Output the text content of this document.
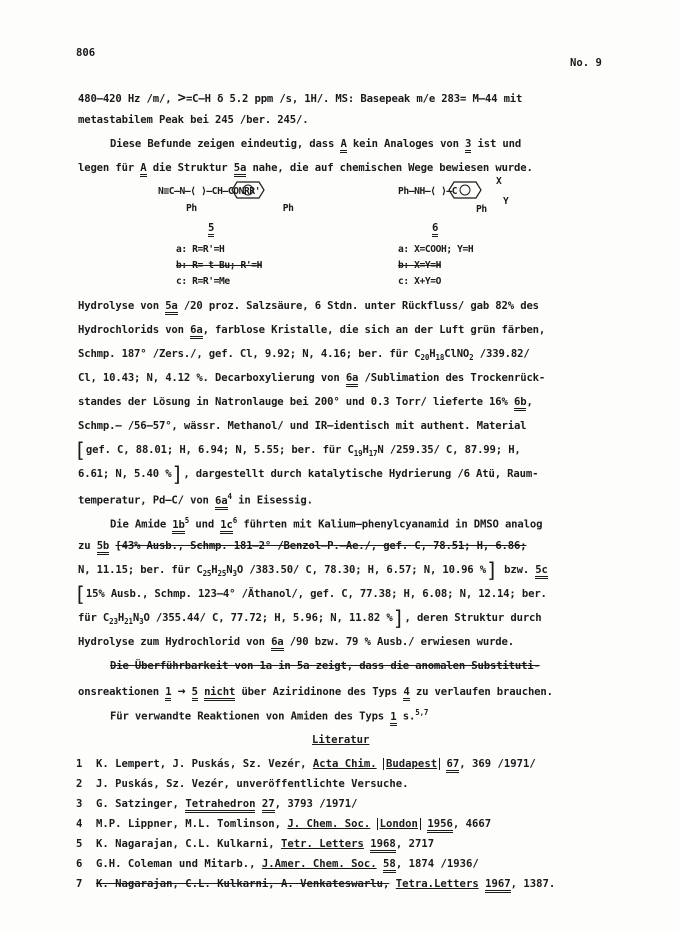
806
No. 9
480–420 Hz /m/, >=C–H δ 5.2 ppm /s, 1H/. MS: Basepeak m/e 283= M–44 mit
metastabilem Peak bei 245 /ber. 245/.
Diese Befunde zeigen eindeutig, dass A kein Analoges von 3 ist und
legen für A die Struktur 5a nahe, die auf chemischen Wege bewiesen wurde.
N≡C–N–⟨ ⟩–CH–CONRR'
Ph                Ph
5
a: R=R'=H
b: R= t–Bu; R'=H
c: R=R'=Me
X
Ph–NH–⟨ ⟩–C
Y
Ph
6
a: X=COOH; Y=H
b: X=Y=H
c: X+Y=O
Hydrolyse von 5a /20 proz. Salzsäure, 6 Stdn. unter Rückfluss/ gab 82% des
Hydrochlorids von 6a, farblose Kristalle, die sich an der Luft grün färben,
Schmp. 187° /Zers./, gef. Cl, 9.92; N, 4.16; ber. für $C_{20}H_{18}ClNO_2$ /339.82/
Cl, 10.43; N, 4.12 %. Decarboxylierung von 6a /Sublimation des Trockenrück-
standes der Lösung in Natronlauge bei 200° und 0.3 Torr/ lieferte 16% 6b,
Schmp.– /56–57°, wässr. Methanol/ und IR–identisch mit authent. Material
[gef. C, 88.01; H, 6.94; N, 5.55; ber. für $C_{19}H_{17}N$ /259.35/ C, 87.99; H,
6.61; N, 5.40 %], dargestellt durch katalytische Hydrierung /6 Atü, Raum-
temperatur, Pd–C/ von $6a^4$ in Eisessig.
Die Amide $1b^5$ und $1c^6$ führten mit Kalium–phenylcyanamid in DMSO analog
zu 5b [43% Ausb., Schmp. 181–2° /Benzol–P.–Ae./, gef. C, 78.51; H, 6.86;
N, 11.15; ber. für $C_{25}H_{25}N_3O$ /383.50/ C, 78.30; H, 6.57; N, 10.96 %] bzw. 5c
[15% Ausb., Schmp. 123–4° /Äthanol/, gef. C, 77.38; H, 6.08; N, 12.14; ber.
für $C_{23}H_{21}N_3O$ /355.44/ C, 77.72; H, 5.96; N, 11.82 %], deren Struktur durch
Hydrolyse zum Hydrochlorid von 6a /90 bzw. 79 % Ausb./ erwiesen wurde.
Die Überführbarkeit von 1a in 5a zeigt, dass die anomalen Substituti-
onsreaktionen 1 → 5 nicht über Aziridinone des Typs 4 zu verlaufen brauchen.
Für verwandte Reaktionen von Amiden des Typs 1 s.$^{5,7}$
Literatur
1 K. Lempert, J. Puskás, Sz. Vezér, Acta Chim. Budapest 67, 369 /1971/
2 J. Puskás, Sz. Vezér, unveröffentlichte Versuche.
3 G. Satzinger, Tetrahedron 27, 3793 /1971/
4 M.P. Lippner, M.L. Tomlinson, J. Chem. Soc. London 1956, 4667
5 K. Nagarajan, C.L. Kulkarni, Tetr. Letters 1968, 2717
6 G.H. Coleman und Mitarb., J.Amer. Chem. Soc. 58, 1874 /1936/
7 K. Nagarajan, C.L. Kulkarni, A. Venkateswarlu, Tetra.Letters 1967, 1387.
